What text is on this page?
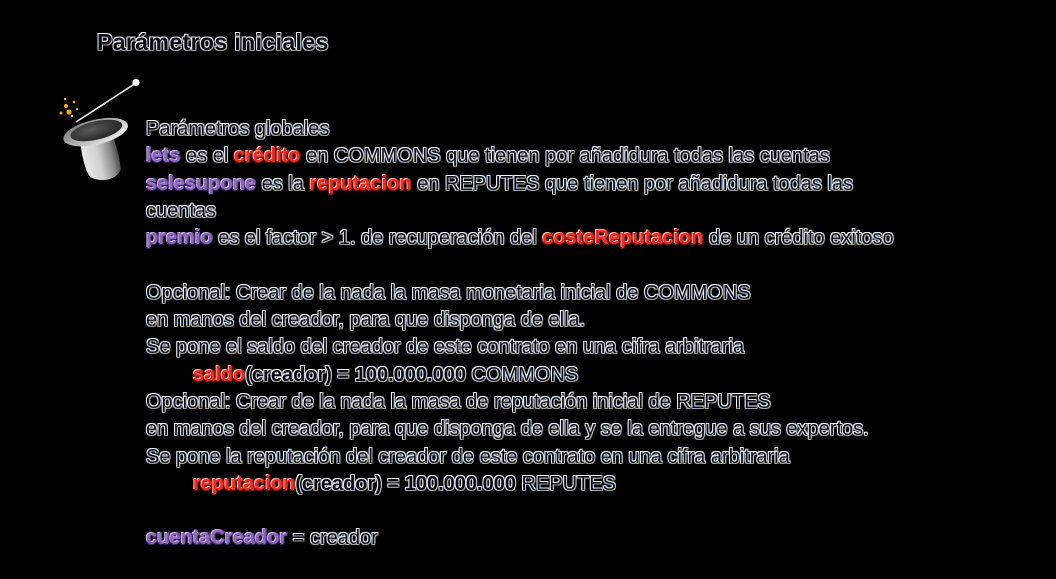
Parámetros iniciales
Parámetros globales
lets es el crédito en COMMONS que tienen por añadidura todas las cuentas
selesupone es la reputacion en REPUTES que tienen por añadidura todas las
cuentas
premio es el factor > 1. de recuperación del costeReputacion de un crédito exitoso

Opcional: Crear de la nada la masa monetaria inicial de COMMONS
en manos del creador, para que disponga de ella.
Se pone el saldo del creador de este contrato en una cifra arbitraria
saldo(creador) = 100.000.000 COMMONS
Opcional: Crear de la nada la masa de reputación inicial de REPUTES
en manos del creador, para que disponga de ella y se la entregue a sus expertos.
Se pone la reputación del creador de este contrato en una cifra arbitraria
reputacion(creador) = 100.000.000 REPUTES

cuentaCreador = creador
